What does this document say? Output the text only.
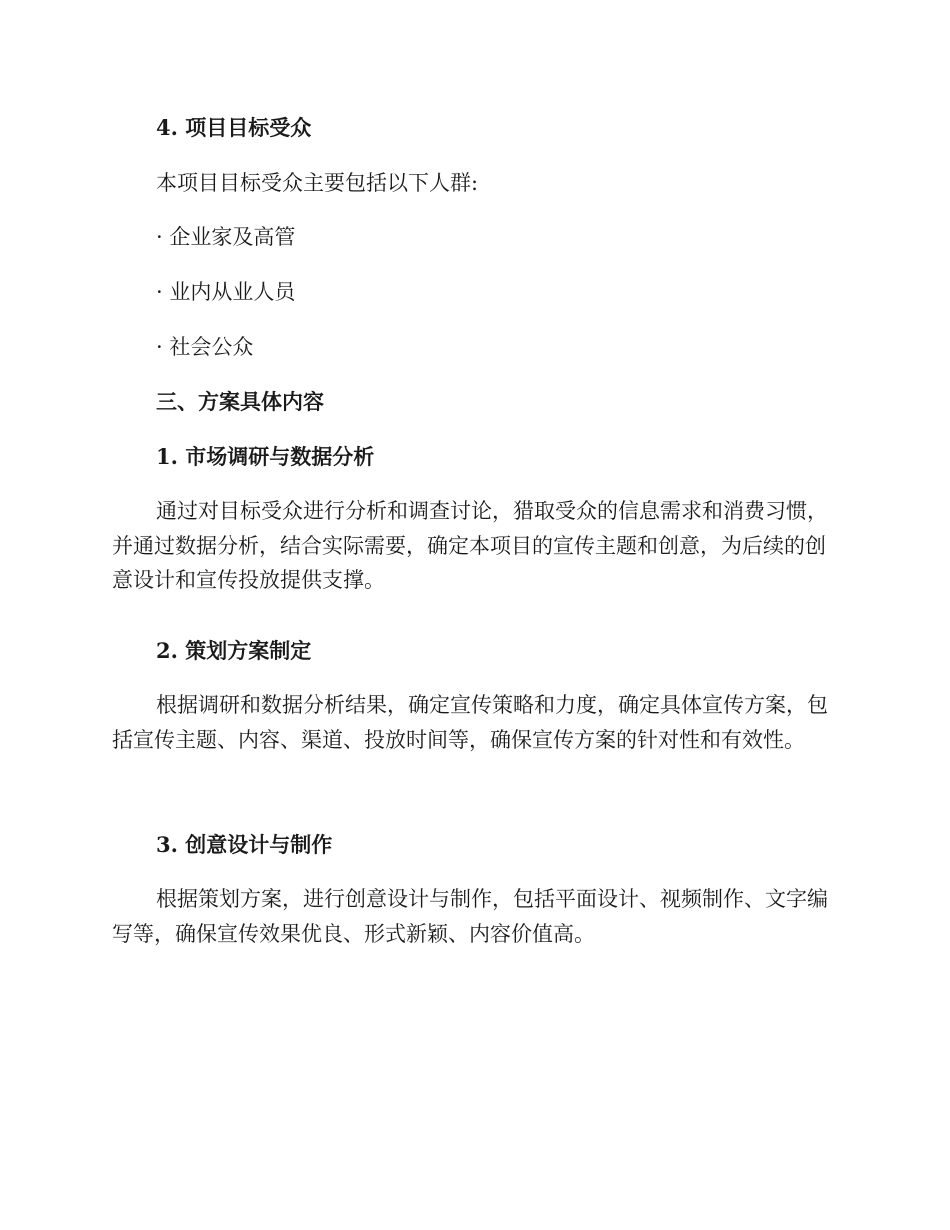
4. 项目目标受众

本项目目标受众主要包括以下人群:

· 企业家及高管

· 业内从业人员

· 社会公众

三、方案具体内容

1. 市场调研与数据分析

通过对目标受众进行分析和调查讨论，猎取受众的信息需求和消费习惯，并通过数据分析，结合实际需要，确定本项目的宣传主题和创意，为后续的创意设计和宣传投放提供支撑。

2. 策划方案制定

根据调研和数据分析结果，确定宣传策略和力度，确定具体宣传方案，包括宣传主题、内容、渠道、投放时间等，确保宣传方案的针对性和有效性。

3. 创意设计与制作

根据策划方案，进行创意设计与制作，包括平面设计、视频制作、文字编写等，确保宣传效果优良、形式新颖、内容价值高。
